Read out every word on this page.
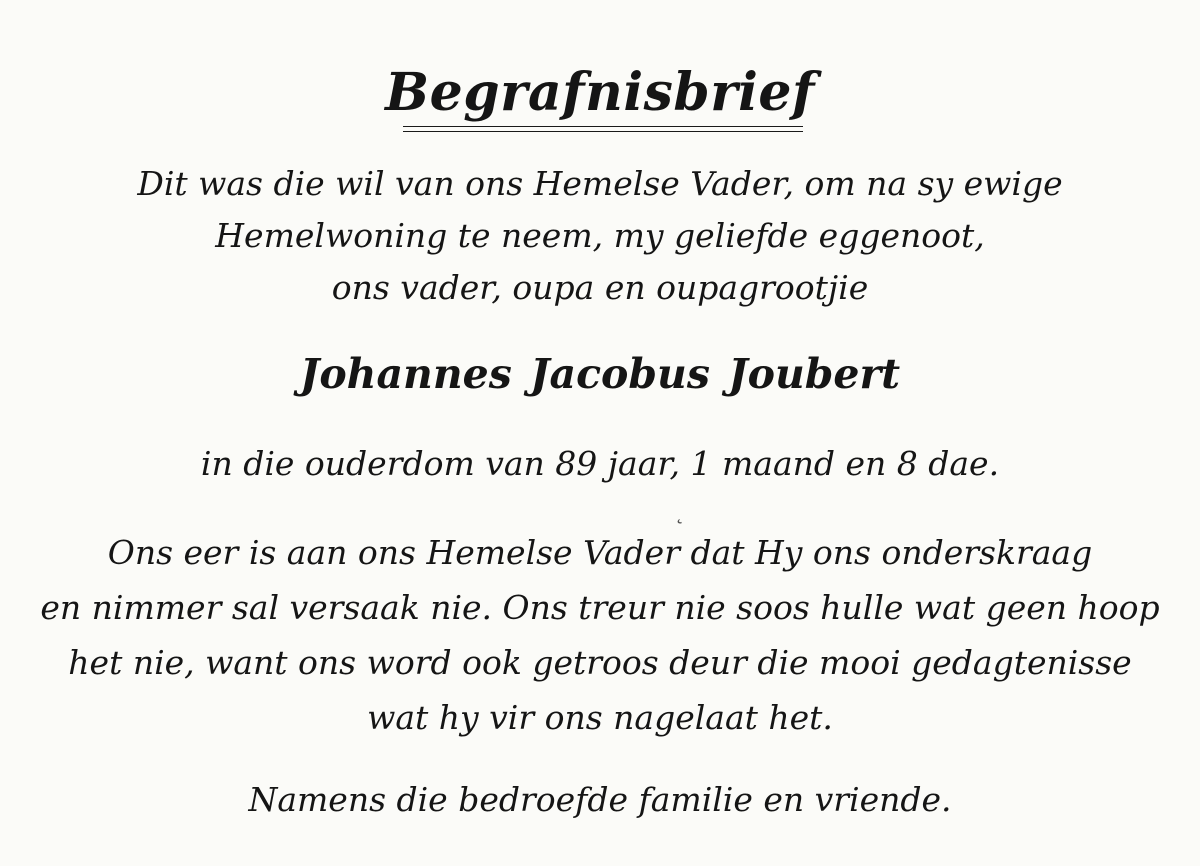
Begrafnisbrief
Dit was die wil van ons Hemelse Vader, om na sy ewige
Hemelwoning te neem, my geliefde eggenoot,
ons vader, oupa en oupagrootjie
Johannes Jacobus Joubert
in die ouderdom van 89 jaar, 1 maand en 8 dae.
˛
Ons eer is aan ons Hemelse Vader dat Hy ons onderskraag
en nimmer sal versaak nie. Ons treur nie soos hulle wat geen hoop
het nie, want ons word ook getroos deur die mooi gedagtenisse
wat hy vir ons nagelaat het.
Namens die bedroefde familie en vriende.
